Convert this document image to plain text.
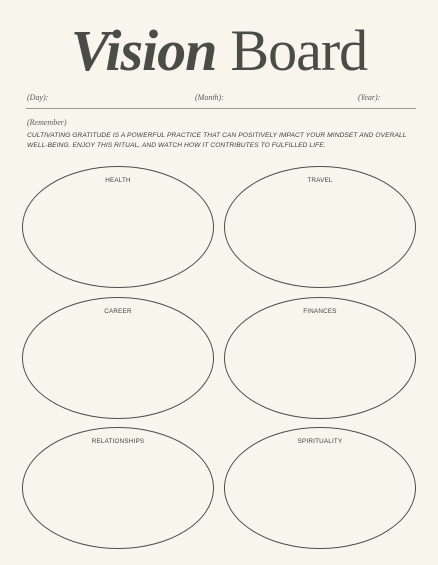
Vision Board
(Day):	(Month):	(Year):
(Remember)
CULTIVATING GRATITUDE IS A POWERFUL PRACTICE THAT CAN POSITIVELY IMPACT YOUR MINDSET AND OVERALL WELL-BEING. ENJOY THIS RITUAL, AND WATCH HOW IT CONTRIBUTES TO FULFILLED LIFE.
HEALTH	TRAVEL
CAREER	FINANCES
RELATIONSHIPS	SPIRITUALITY
